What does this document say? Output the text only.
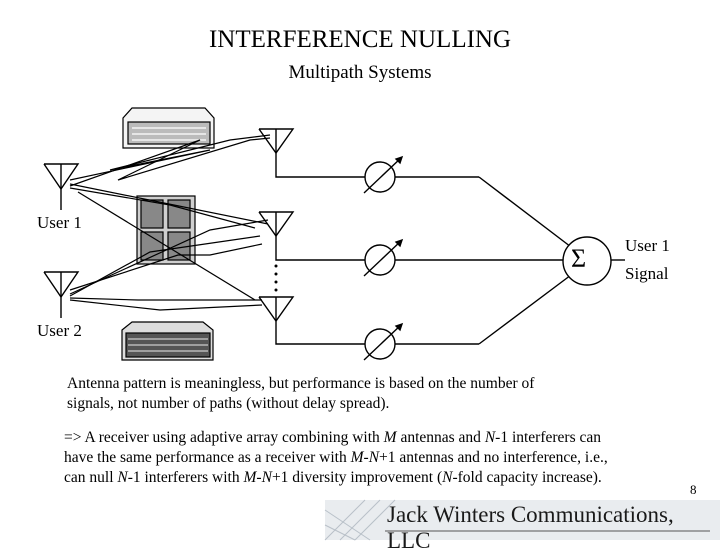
INTERFERENCE NULLING
Multipath Systems
Σ
User 1
User 2
User 1
Signal
Antenna pattern is meaningless, but performance is based on the number of
signals, not number of paths (without delay spread).
=> A receiver using adaptive array combining with M antennas and N-1 interferers can
have the same performance as a receiver with M-N+1 antennas and no interference, i.e.,
can null N-1 interferers with M-N+1 diversity improvement (N-fold capacity increase).
8
Jack Winters Communications, LLC
